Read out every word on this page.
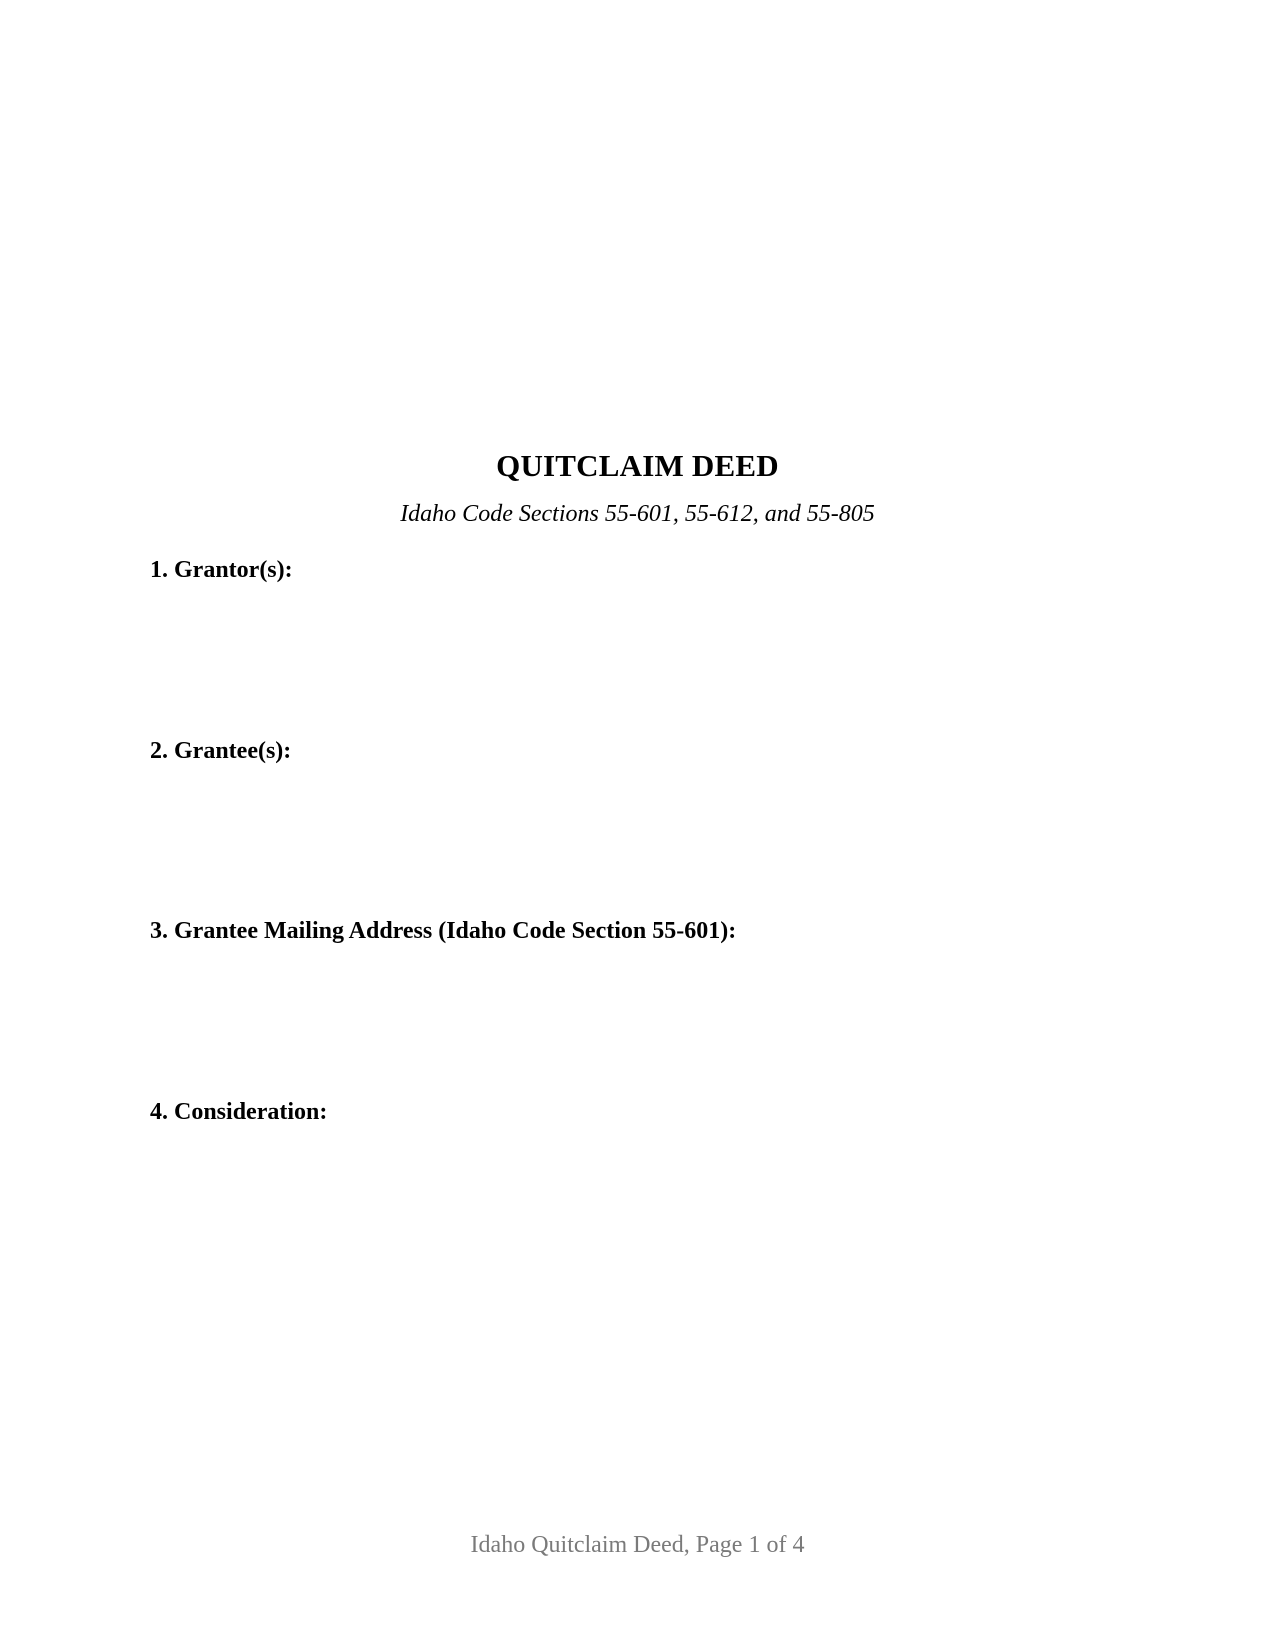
QUITCLAIM DEED
Idaho Code Sections 55-601, 55-612, and 55-805
1. Grantor(s):
2. Grantee(s):
3. Grantee Mailing Address (Idaho Code Section 55-601):
4. Consideration:
Idaho Quitclaim Deed, Page 1 of 4
